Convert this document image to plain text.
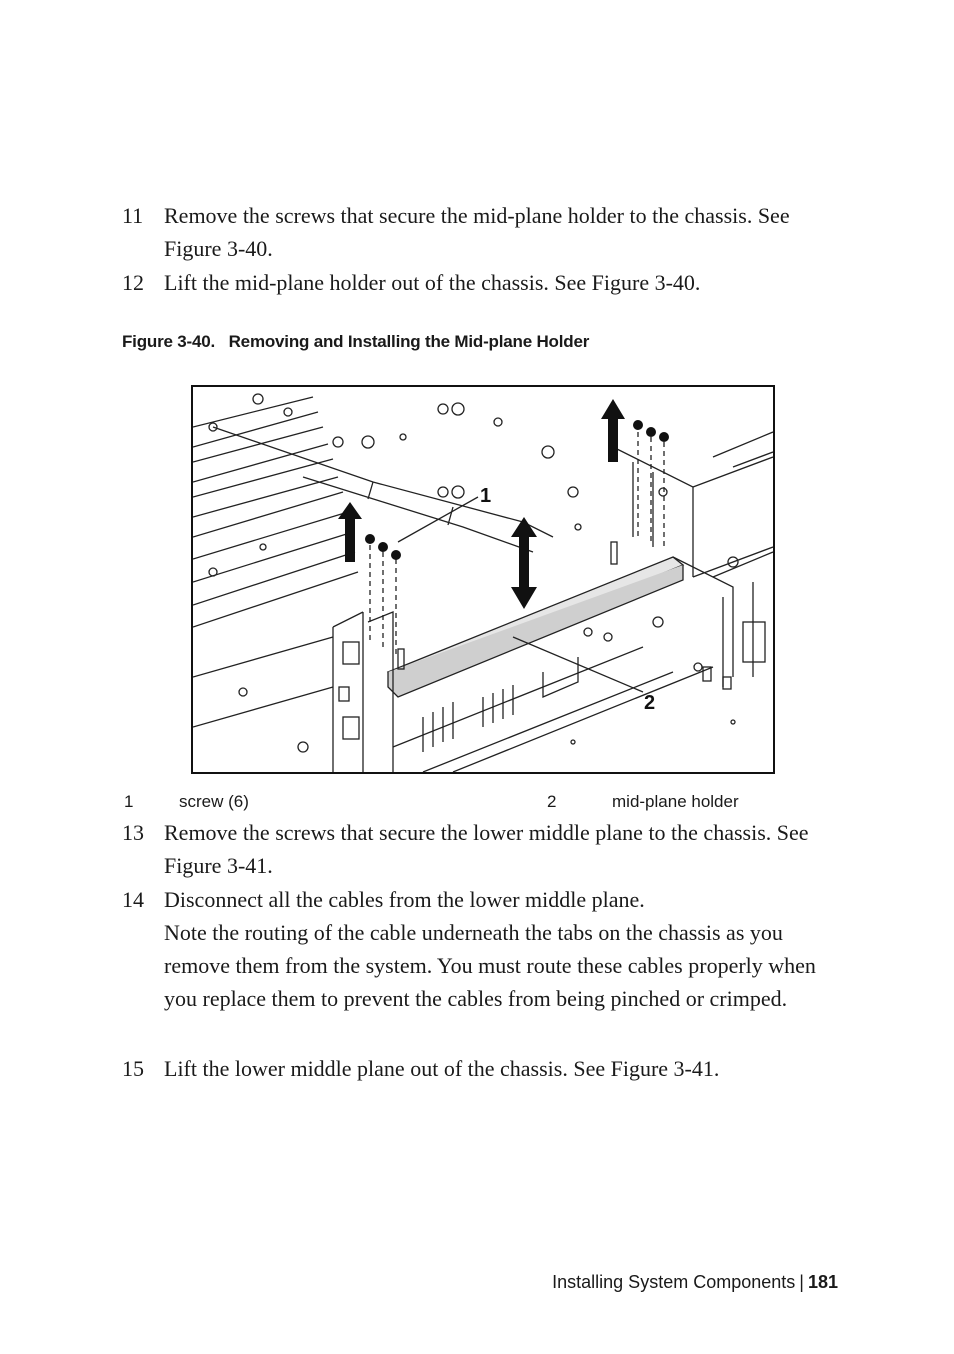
11 Remove the screws that secure the mid-plane holder to the chassis. See Figure 3-40.
12 Lift the mid-plane holder out of the chassis. See Figure 3-40.
Figure 3-40. Removing and Installing the Mid-plane Holder
1
2
1	screw (6)	2	mid-plane holder
13 Remove the screws that secure the lower middle plane to the chassis. See Figure 3-41.
14 Disconnect all the cables from the lower middle plane.
Note the routing of the cable underneath the tabs on the chassis as you remove them from the system. You must route these cables properly when you replace them to prevent the cables from being pinched or crimped.
15 Lift the lower middle plane out of the chassis. See Figure 3-41.
Installing System Components | 181
